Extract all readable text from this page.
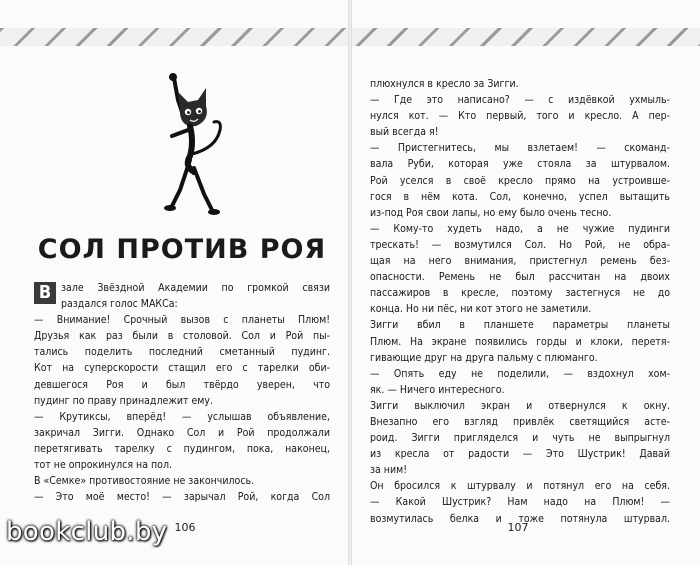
СОЛ ПРОТИВ РОЯ
В зале Звёздной Академии по громкой связи
раздался голос МАКСа:
— Внимание! Срочный вызов с планеты Плюм!
Друзья как раз были в столовой. Сол и Рой пы-
тались поделить последний сметанный пудинг.
Кот на суперскорости стащил его с тарелки оби-
девшегося Роя и был твёрдо уверен, что
пудинг по праву принадлежит ему.
— Крутиксы, вперёд! — услышав объявление,
закричал Зигги. Однако Сол и Рой продолжали
перетягивать тарелку с пудингом, пока, наконец,
тот не опрокинулся на пол.
В «Семке» противостояние не закончилось.
— Это моё место! — зарычал Рой, когда Сол
плюхнулся в кресло за Зигги.
— Где это написано? — с издёвкой ухмыль-
нулся кот. — Кто первый, того и кресло. А пер-
вый всегда я!
— Пристегнитесь, мы взлетаем! — скоманд-
вала Руби, которая уже стояла за штурвалом.
Рой уселся в своё кресло прямо на устроивше-
гося в нём кота. Сол, конечно, успел вытащить
из-под Роя свои лапы, но ему было очень тесно.
— Кому-то худеть надо, а не чужие пудинги
трескать! — возмутился Сол. Но Рой, не обра-
щая на него внимания, пристегнул ремень без-
опасности. Ремень не был рассчитан на двоих
пассажиров в кресле, поэтому застегнуся не до
конца. Но ни пёс, ни кот этого не заметили.
Зигги вбил в планшете параметры планеты
Плюм. На экране появились горды и клоки, перетя-
гивающие друг на друга пальму с плюманго.
— Опять еду не поделили, — вздохнул хом-
як. — Ничего интересного.
Зигги выключил экран и отвернулся к окну.
Внезапно его взгляд привлёк светящийся асте-
роид. Зигги пригляделся и чуть не выпрыгнул
из кресла от радости — Это Шустрик! Давай
за ним!
Он бросился к штурвалу и потянул его на себя.
— Какой Шустрик? Нам надо на Плюм! —
возмутилась белка и тоже потянула штурвал.
106	107
bookclub.by
